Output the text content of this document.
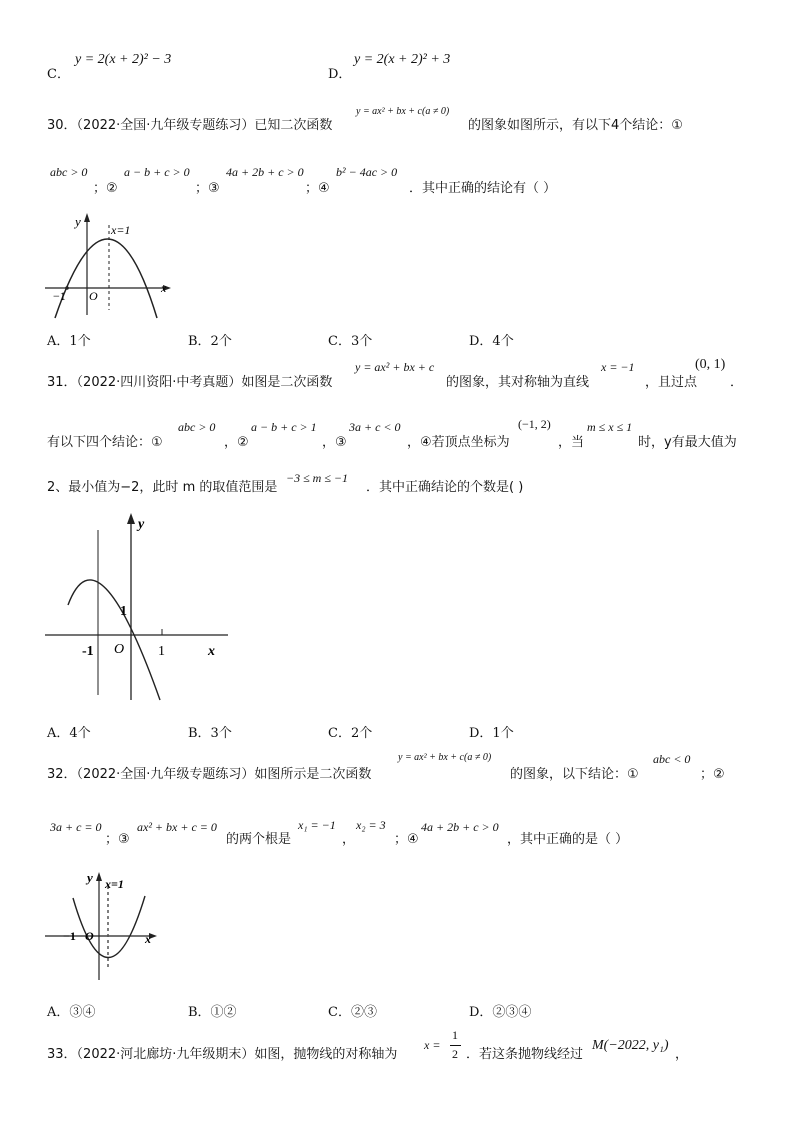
C．
y = 2(x + 2)² − 3
D．
y = 2(x + 2)² + 3
30．（2022·全国·九年级专题练习）已知二次函数
y = ax² + bx + c(a ≠ 0)
的图象如图所示，有以下4个结论：①
abc > 0
；②
a − b + c > 0
；③
4a + 2b + c > 0
；④
b² − 4ac > 0
．其中正确的结论有（ ）
y
x
x=1
−1 O
A．1个	B．2个	C．3个	D．4个
31．（2022·四川资阳·中考真题）如图是二次函数
y = ax² + bx + c
的图象，其对称轴为直线
x = −1
，且过点
(0, 1)
．
有以下四个结论：①
abc > 0
，②
a − b + c > 1
，③
3a + c < 0
，④若顶点坐标为
(−1, 2)
，当
m ≤ x ≤ 1
时，y有最大值为
2、最小值为−2，此时 m 的取值范围是
−3 ≤ m ≤ −1
．其中正确结论的个数是( )
y
x
1
-1 O 1
A．4个	B．3个	C．2个	D．1个
32．（2022·全国·九年级专题练习）如图所示是二次函数
y = ax² + bx + c(a ≠ 0)
的图象，以下结论：①
abc < 0
；②
3a + c = 0
；③
ax² + bx + c = 0
的两个根是
x₁ = −1
，
x₂ = 3
；④
4a + 2b + c > 0
，其中正确的是（ ）
y
x
x=1
−1 O
A．③④	B．①②	C．②③	D．②③④
33．（2022·河北廊坊·九年级期末）如图，抛物线的对称轴为
x =
1
2 ．若这条抛物线经过
M(−2022, y₁)
，
